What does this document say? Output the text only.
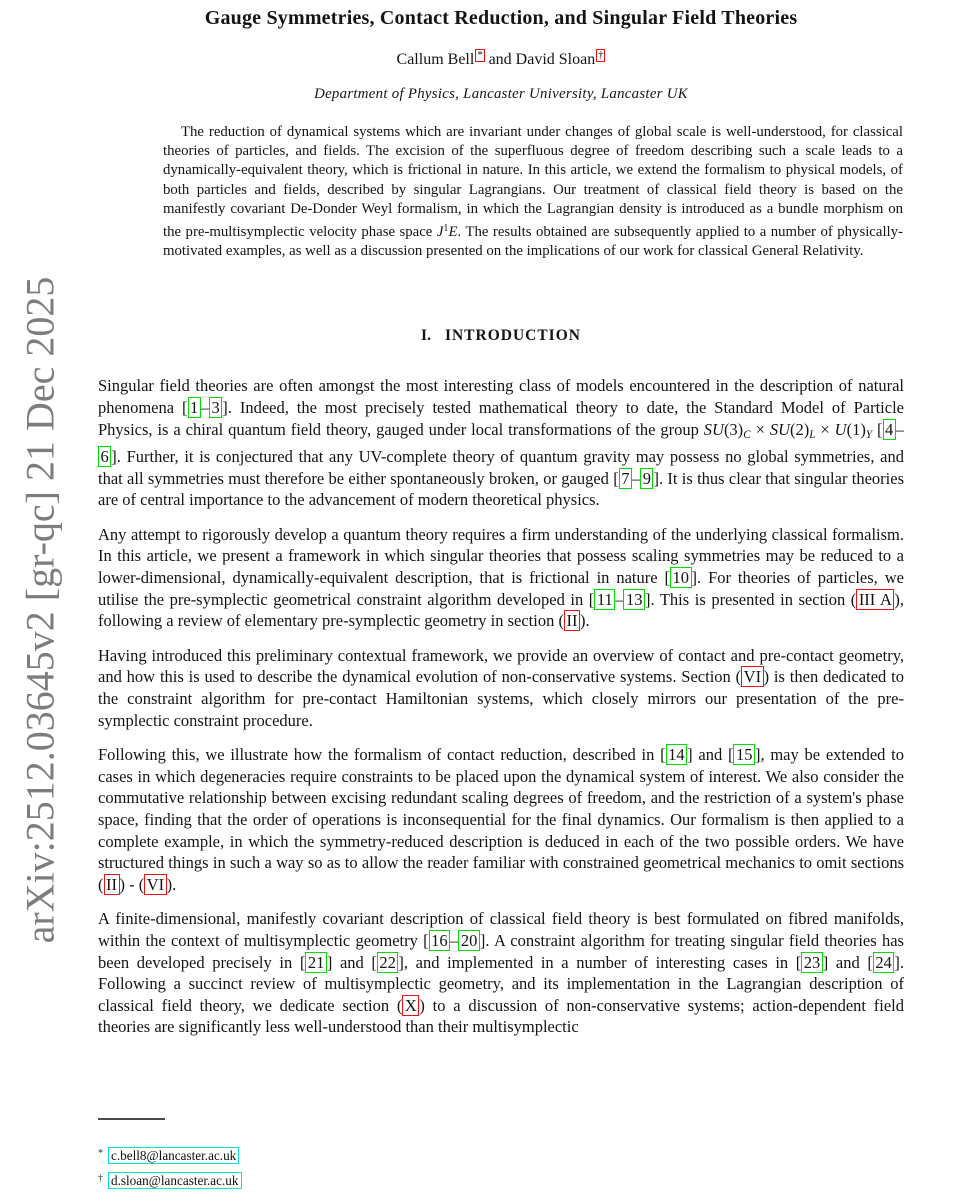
arXiv:2512.03645v2 [gr-qc] 21 Dec 2025
Gauge Symmetries, Contact Reduction, and Singular Field Theories
Callum Bell * and David Sloan †
Department of Physics, Lancaster University, Lancaster UK
The reduction of dynamical systems which are invariant under changes of global scale is well-understood, for classical theories of particles, and fields. The excision of the superfluous degree of freedom describing such a scale leads to a dynamically-equivalent theory, which is frictional in nature. In this article, we extend the formalism to physical models, of both particles and fields, described by singular Lagrangians. Our treatment of classical field theory is based on the manifestly covariant De-Donder Weyl formalism, in which the Lagrangian density is introduced as a bundle morphism on the pre-multisymplectic velocity phase space $J^1E$. The results obtained are subsequently applied to a number of physically-motivated examples, as well as a discussion presented on the implications of our work for classical General Relativity.
I. INTRODUCTION

Singular field theories are often amongst the most interesting class of models encountered in the description of natural phenomena [ 1 – 3 ]. Indeed, the most precisely tested mathematical theory to date, the Standard Model of Particle Physics, is a chiral quantum field theory, gauged under local transformations of the group SU(3)C × SU(2)L × U(1)Y [ 4 –6 ]. Further, it is conjectured that any UV-complete theory of quantum gravity may possess no global symmetries, and that all symmetries must therefore be either spontaneously broken, or gauged [ 7 – 9 ]. It is thus clear that singular theories are of central importance to the advancement of modern theoretical physics.

Any attempt to rigorously develop a quantum theory requires a firm understanding of the underlying classical formalism. In this article, we present a framework in which singular theories that possess scaling symmetries may be reduced to a lower-dimensional, dynamically-equivalent description, that is frictional in nature [ 10 ]. For theories of particles, we utilise the pre-symplectic geometrical constraint algorithm developed in [ 11 – 13 ]. This is presented in section ( III A ), following a review of elementary pre-symplectic geometry in section ( II ).

Having introduced this preliminary contextual framework, we provide an overview of contact and pre-contact geometry, and how this is used to describe the dynamical evolution of non-conservative systems. Section ( VI ) is then dedicated to the constraint algorithm for pre-contact Hamiltonian systems, which closely mirrors our presentation of the pre-symplectic constraint procedure.

Following this, we illustrate how the formalism of contact reduction, described in [ 14 ] and [ 15 ], may be extended to cases in which degeneracies require constraints to be placed upon the dynamical system of interest. We also consider the commutative relationship between excising redundant scaling degrees of freedom, and the restriction of a system's phase space, finding that the order of operations is inconsequential for the final dynamics. Our formalism is then applied to a complete example, in which the symmetry-reduced description is deduced in each of the two possible orders. We have structured things in such a way so as to allow the reader familiar with constrained geometrical mechanics to omit sections ( II ) - ( VI ).

A finite-dimensional, manifestly covariant description of classical field theory is best formulated on fibred manifolds, within the context of multisymplectic geometry [ 16 – 20 ]. A constraint algorithm for treating singular field theories has been developed precisely in [ 21 ] and [ 22 ], and implemented in a number of interesting cases in [ 23 ] and [ 24 ]. Following a succinct review of multisymplectic geometry, and its implementation in the Lagrangian description of classical field theory, we dedicate section ( X ) to a discussion of non-conservative systems; action-dependent field theories are significantly less well-understood than their multisymplectic

* c.bell8@lancaster.ac.uk
† d.sloan@lancaster.ac.uk
